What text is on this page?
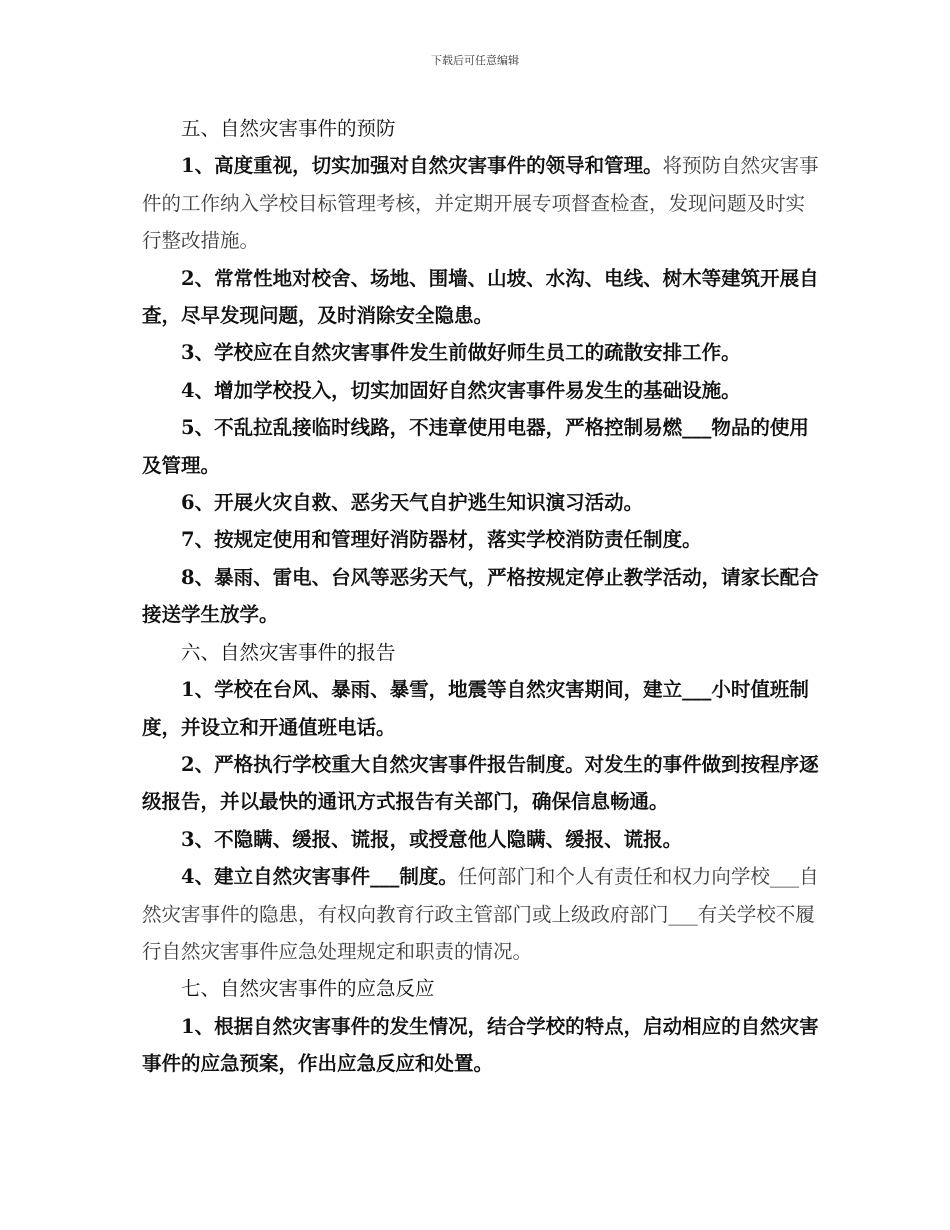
下载后可任意编辑

五、自然灾害事件的预防

1、高度重视，切实加强对自然灾害事件的领导和管理。将预防自然灾害事件的工作纳入学校目标管理考核，并定期开展专项督查检查，发现问题及时实行整改措施。

2、常常性地对校舍、场地、围墙、山坡、水沟、电线、树木等建筑开展自查，尽早发现问题，及时消除安全隐患。

3、学校应在自然灾害事件发生前做好师生员工的疏散安排工作。

4、增加学校投入，切实加固好自然灾害事件易发生的基础设施。

5、不乱拉乱接临时线路，不违章使用电器，严格控制易燃___物品的使用及管理。

6、开展火灾自救、恶劣天气自护逃生知识演习活动。

7、按规定使用和管理好消防器材，落实学校消防责任制度。

8、暴雨、雷电、台风等恶劣天气，严格按规定停止教学活动，请家长配合接送学生放学。

六、自然灾害事件的报告

1、学校在台风、暴雨、暴雪，地震等自然灾害期间，建立___小时值班制度，并设立和开通值班电话。

2、严格执行学校重大自然灾害事件报告制度。对发生的事件做到按程序逐级报告，并以最快的通讯方式报告有关部门，确保信息畅通。

3、不隐瞒、缓报、谎报，或授意他人隐瞒、缓报、谎报。

4、建立自然灾害事件___制度。任何部门和个人有责任和权力向学校___自然灾害事件的隐患，有权向教育行政主管部门或上级政府部门___有关学校不履行自然灾害事件应急处理规定和职责的情况。

七、自然灾害事件的应急反应

1、根据自然灾害事件的发生情况，结合学校的特点，启动相应的自然灾害事件的应急预案，作出应急反应和处置。
